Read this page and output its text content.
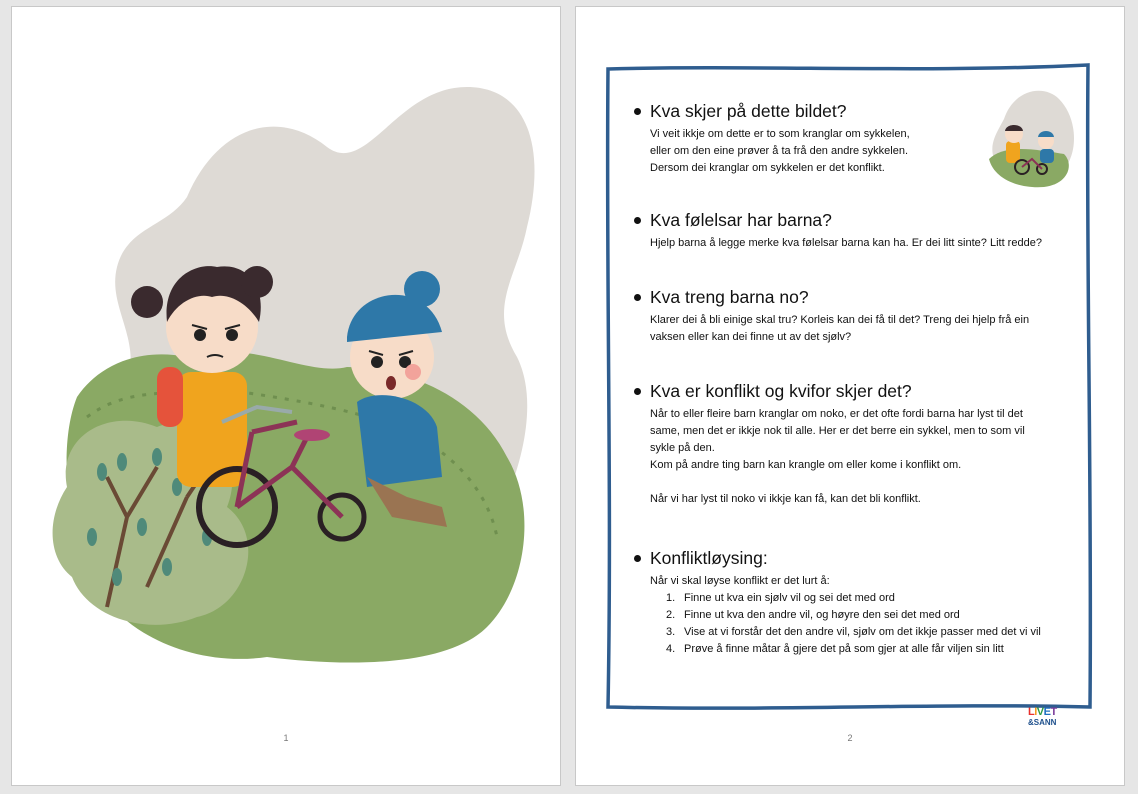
1
Kva skjer på dette bildet?

Vi veit ikkje om dette er to som kranglar om sykkelen,
eller om den eine prøver å ta frå den andre sykkelen.
Dersom dei kranglar om sykkelen er det konflikt.

Kva følelsar har barna?

Hjelp barna å legge merke kva følelsar barna kan ha. Er dei litt sinte? Litt redde?

Kva treng barna no?

Klarer dei å bli einige skal tru? Korleis kan dei få til det? Treng dei hjelp frå ein
vaksen eller kan dei finne ut av det sjølv?

Kva er konflikt og kvifor skjer det?

Når to eller fleire barn kranglar om noko, er det ofte fordi barna har lyst til det
same, men det er ikkje nok til alle. Her er det berre ein sykkel, men to som vil
sykle på den.
Kom på andre ting barn kan krangle om eller kome i konflikt om.

Når vi har lyst til noko vi ikkje kan få, kan det bli konflikt.

Konfliktløysing:

Når vi skal løyse konflikt er det lurt å:

1. Finne ut kva ein sjølv vil og sei det med ord
2. Finne ut kva den andre vil, og høyre den sei det med ord
3. Vise at vi forstår det den andre vil, sjølv om det ikkje passer med det vi vil
4. Prøve å finne måtar å gjere det på som gjer at alle får viljen sin litt
LIVET
&SANN
2
